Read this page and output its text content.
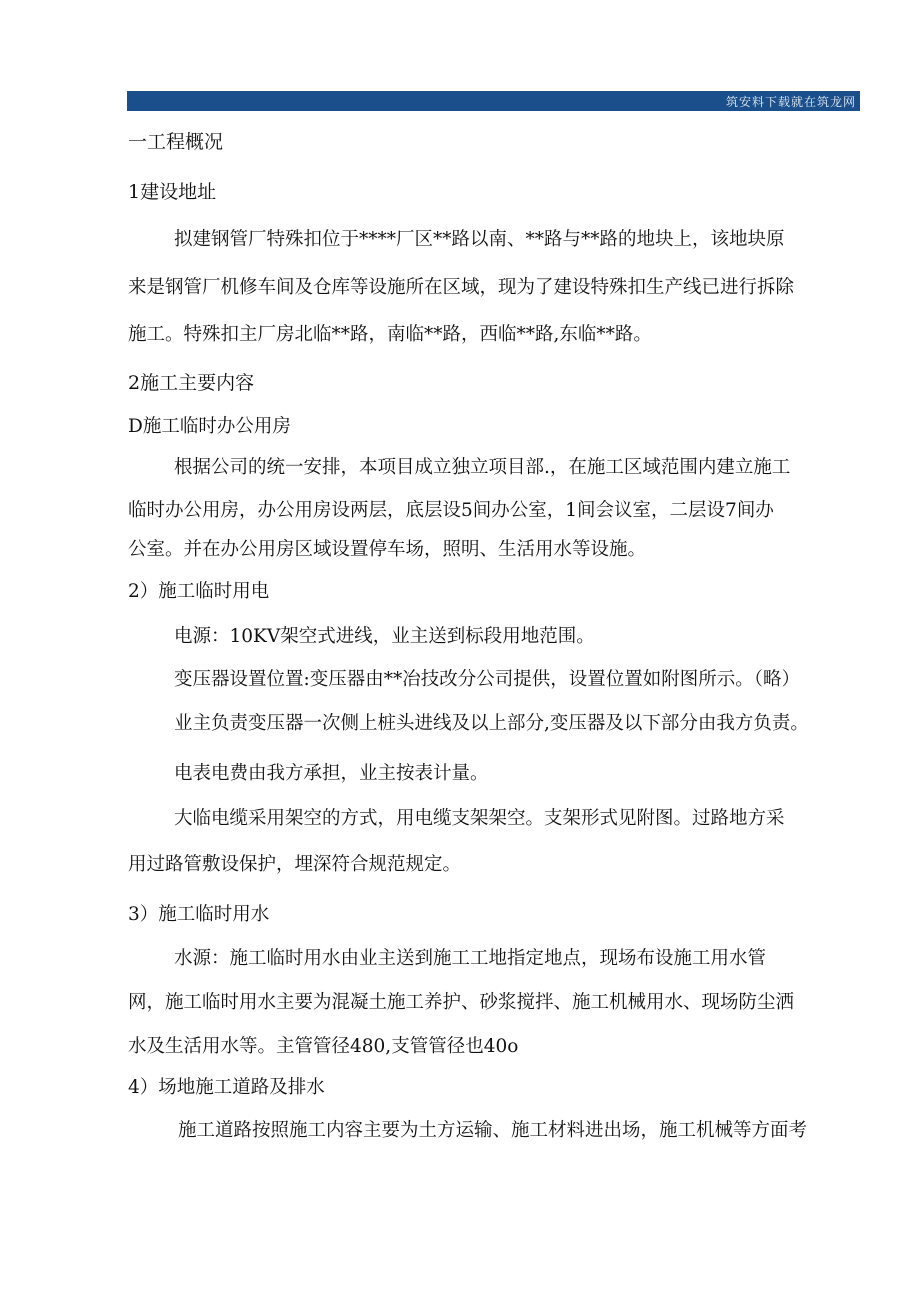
筑安料下载就在筑龙网
一工程概况
1建设地址
拟建钢管厂特殊扣位于****厂区**路以南、**路与**路的地块上，该地块原
来是钢管厂机修车间及仓库等设施所在区域，现为了建设特殊扣生产线已进行拆除
施工。特殊扣主厂房北临**路，南临**路，西临**路,东临**路。
2施工主要内容
D施工临时办公用房
根据公司的统一安排，本项目成立独立项目部.，在施工区域范围内建立施工
临时办公用房，办公用房设两层，底层设5间办公室，1间会议室，二层设7间办
公室。并在办公用房区域设置停车场，照明、生活用水等设施。
2）施工临时用电
电源：10KV架空式进线，业主送到标段用地范围。
变压器设置位置:变压器由**冶技改分公司提供，设置位置如附图所示。（略）
业主负责变压器一次侧上桩头进线及以上部分,变压器及以下部分由我方负责。
电表电费由我方承担，业主按表计量。
大临电缆采用架空的方式，用电缆支架架空。支架形式见附图。过路地方采
用过路管敷设保护，埋深符合规范规定。
3）施工临时用水
水源：施工临时用水由业主送到施工工地指定地点，现场布设施工用水管
网，施工临时用水主要为混凝土施工养护、砂浆搅拌、施工机械用水、现场防尘洒
水及生活用水等。主管管径480,支管管径也40o
4）场地施工道路及排水
施工道路按照施工内容主要为土方运输、施工材料进出场，施工机械等方面考
